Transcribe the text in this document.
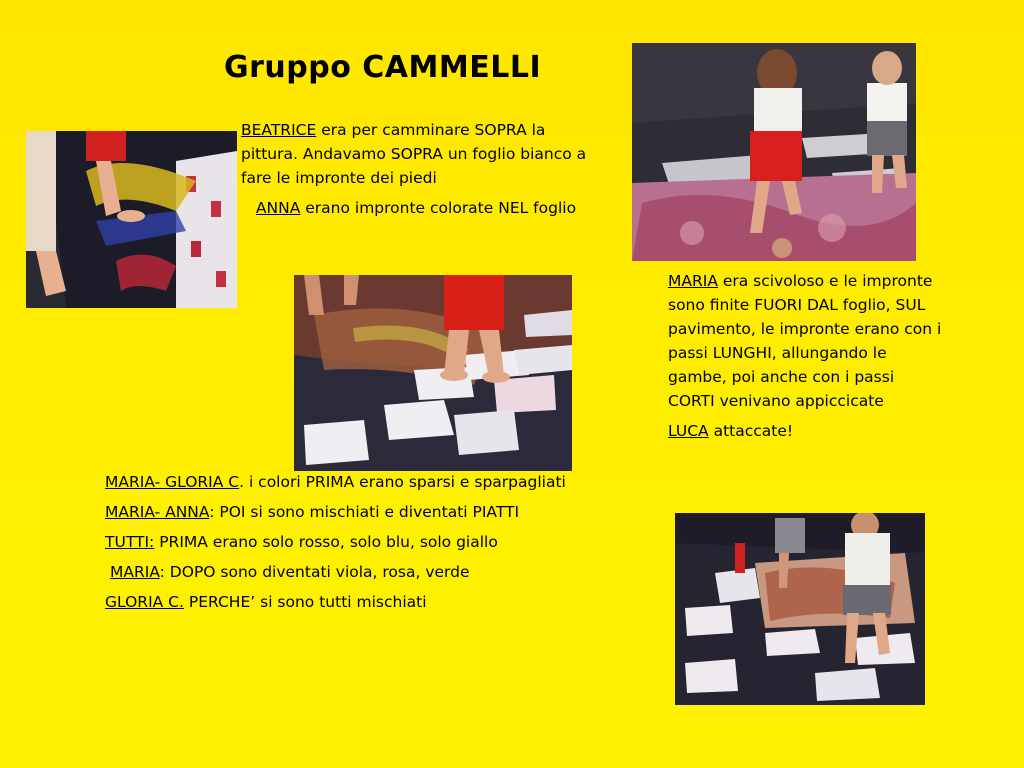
Gruppo CAMMELLI

BEATRICE era per camminare SOPRA la pittura. Andavamo SOPRA un foglio bianco a fare le impronte dei piedi

ANNA erano impronte colorate NEL foglio

MARIA era scivoloso e le impronte sono finite FUORI DAL foglio, SUL pavimento, le impronte erano con i passi LUNGHI, allungando le gambe, poi anche con i passi CORTI venivano appiccicate

LUCA attaccate!

MARIA- GLORIA C. i colori PRIMA erano sparsi e sparpagliati

MARIA- ANNA: POI si sono mischiati e diventati PIATTI

TUTTI: PRIMA erano solo rosso, solo blu, solo giallo

MARIA: DOPO sono diventati viola, rosa, verde

GLORIA C. PERCHE’ si sono tutti mischiati
